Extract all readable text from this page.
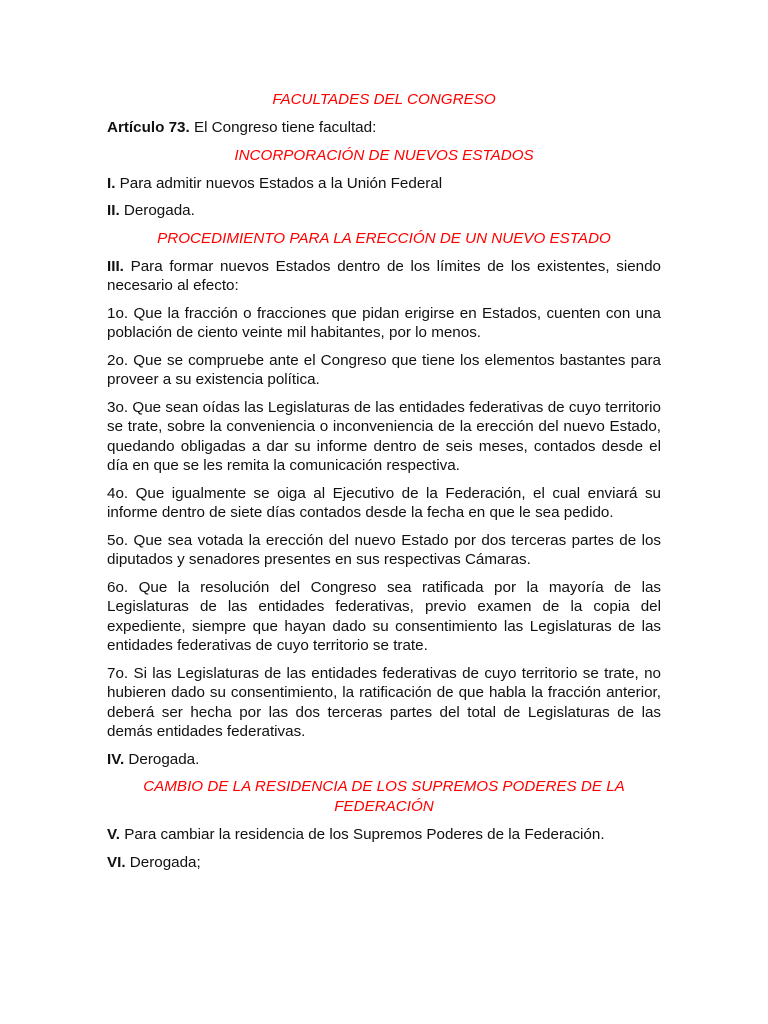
FACULTADES DEL CONGRESO

Artículo 73. El Congreso tiene facultad:

INCORPORACIÓN DE NUEVOS ESTADOS

I. Para admitir nuevos Estados a la Unión Federal

II. Derogada.

PROCEDIMIENTO PARA LA ERECCIÓN DE UN NUEVO ESTADO

III. Para formar nuevos Estados dentro de los límites de los existentes, siendo necesario al efecto:

1o. Que la fracción o fracciones que pidan erigirse en Estados, cuenten con una población de ciento veinte mil habitantes, por lo menos.

2o. Que se compruebe ante el Congreso que tiene los elementos bastantes para proveer a su existencia política.

3o. Que sean oídas las Legislaturas de las entidades federativas de cuyo territorio se trate, sobre la conveniencia o inconveniencia de la erección del nuevo Estado, quedando obligadas a dar su informe dentro de seis meses, contados desde el día en que se les remita la comunicación respectiva.

4o. Que igualmente se oiga al Ejecutivo de la Federación, el cual enviará su informe dentro de siete días contados desde la fecha en que le sea pedido.

5o. Que sea votada la erección del nuevo Estado por dos terceras partes de los diputados y senadores presentes en sus respectivas Cámaras.

6o. Que la resolución del Congreso sea ratificada por la mayoría de las Legislaturas de las entidades federativas, previo examen de la copia del expediente, siempre que hayan dado su consentimiento las Legislaturas de las entidades federativas de cuyo territorio se trate.

7o. Si las Legislaturas de las entidades federativas de cuyo territorio se trate, no hubieren dado su consentimiento, la ratificación de que habla la fracción anterior, deberá ser hecha por las dos terceras partes del total de Legislaturas de las demás entidades federativas.

IV. Derogada.

CAMBIO DE LA RESIDENCIA DE LOS SUPREMOS PODERES DE LA
FEDERACIÓN

V. Para cambiar la residencia de los Supremos Poderes de la Federación.

VI. Derogada;
